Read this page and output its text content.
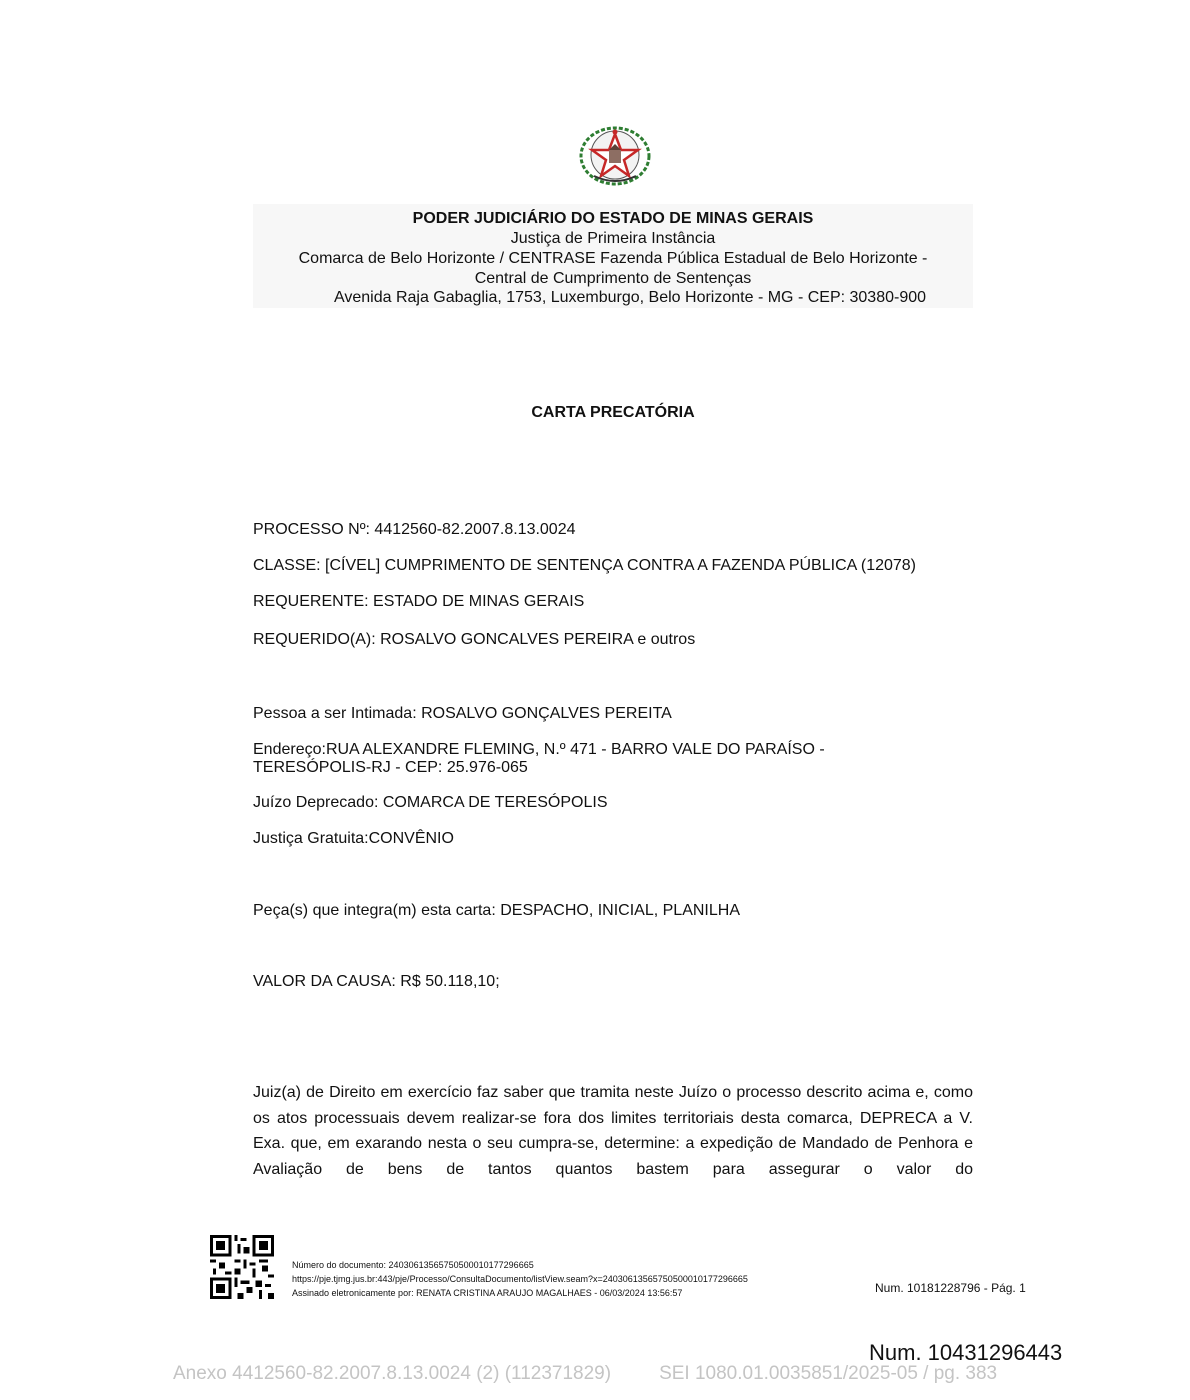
PODER JUDICIÁRIO DO ESTADO DE MINAS GERAIS
Justiça de Primeira Instância
Comarca de Belo Horizonte / CENTRASE Fazenda Pública Estadual de Belo Horizonte -
Central de Cumprimento de Sentenças
Avenida Raja Gabaglia, 1753, Luxemburgo, Belo Horizonte - MG - CEP: 30380-900
CARTA PRECATÓRIA
PROCESSO Nº: 4412560-82.2007.8.13.0024
CLASSE: [CÍVEL] CUMPRIMENTO DE SENTENÇA CONTRA A FAZENDA PÚBLICA (12078)
REQUERENTE: ESTADO DE MINAS GERAIS
REQUERIDO(A): ROSALVO GONCALVES PEREIRA e outros
Pessoa a ser Intimada: ROSALVO GONÇALVES PEREITA
Endereço:RUA ALEXANDRE FLEMING, N.º 471 - BARRO VALE DO PARAÍSO -
TERESÓPOLIS-RJ - CEP: 25.976-065
Juízo Deprecado: COMARCA DE TERESÓPOLIS
Justiça Gratuita:CONVÊNIO
Peça(s) que integra(m) esta carta: DESPACHO, INICIAL, PLANILHA
VALOR DA CAUSA: R$ 50.118,10;
Juiz(a) de Direito em exercício faz saber que tramita neste Juízo o processo descrito acima e, como os atos processuais devem realizar-se fora dos limites territoriais desta comarca, DEPRECA a V. Exa. que, em exarando nesta o seu cumpra-se, determine: a expedição de Mandado de Penhora e Avaliação de bens de tantos quantos bastem para assegurar o valor do
Número do documento: 24030613565750500010177296665
https://pje.tjmg.jus.br:443/pje/Processo/ConsultaDocumento/listView.seam?x=24030613565750500010177296665
Assinado eletronicamente por: RENATA CRISTINA ARAUJO MAGALHAES - 06/03/2024 13:56:57	Num. 10181228796 - Pág. 1
Num. 10431296443
Anexo 4412560-82.2007.8.13.0024 (2) (112371829)	SEI 1080.01.0035851/2025-05 / pg. 383
